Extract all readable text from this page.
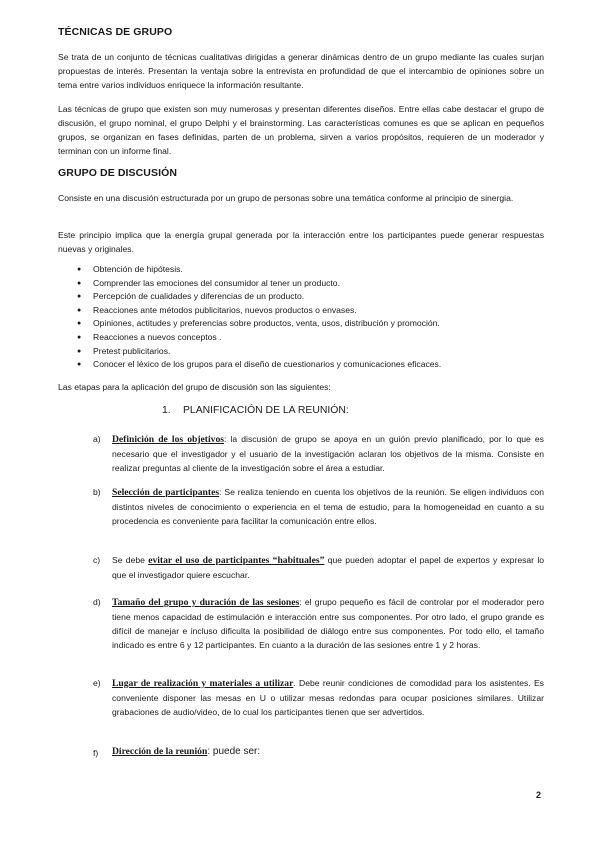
TÉCNICAS DE GRUPO
Se trata de un conjunto de técnicas cualitativas dirigidas a generar dinámicas dentro de un grupo mediante las cuales surjan propuestas de interés. Presentan la ventaja sobre la entrevista en profundidad de que el intercambio de opiniones sobre un tema entre varios individuos enriquece la información resultante.
Las técnicas de grupo que existen son muy numerosas y presentan diferentes diseños. Entre ellas cabe destacar el grupo de discusión, el grupo nominal, el grupo Delphi y el brainstorming. Las características comunes es que se aplican en pequeños grupos, se organizan en fases definidas, parten de un problema, sirven a varios propósitos, requieren de un moderador y terminan con un informe final.
GRUPO DE DISCUSIÓN
Consiste en una discusión estructurada por un grupo de personas sobre una temática conforme al principio de sinergia.
Este principio implica que la energía grupal generada por la interacción entre los participantes puede generar respuestas nuevas y originales.
● Obtención de hipótesis.
● Comprender las emociones del consumidor al tener un producto.
● Percepción de cualidades y diferencias de un producto.
● Reacciones ante métodos publicitarios, nuevos productos o envases.
● Opiniones, actitudes y preferencias sobre productos, venta, usos, distribución y promoción.
● Reacciones a nuevos conceptos .
● Pretest publicitarios.
● Conocer el léxico de los grupos para el diseño de cuestionarios y comunicaciones eficaces.
Las etapas para la aplicación del grupo de discusión son las siguientes:
1. PLANIFICACIÓN DE LA REUNIÓN:
a) Definición de los objetivos: la discusión de grupo se apoya en un guión previo planificado, por lo que es necesario que el investigador y el usuario de la investigación aclaran los objetivos de la misma. Consiste en realizar preguntas al cliente de la investigación sobre el área a estudiar.
b) Selección de participantes: Se realiza teniendo en cuenta los objetivos de la reunión. Se eligen individuos con distintos niveles de conocimiento o experiencia en el tema de estudio, para la homogeneidad en cuanto a su procedencia es conveniente para facilitar la comunicación entre ellos.
c) Se debe evitar el uso de participantes “habituales” que pueden adoptar el papel de expertos y expresar lo que el investigador quiere escuchar.
d) Tamaño del grupo y duración de las sesiones: el grupo pequeño es fácil de controlar por el moderador pero tiene menos capacidad de estimulación e interacción entre sus componentes. Por otro lado, el grupo grande es difícil de manejar e incluso dificulta la posibilidad de diálogo entre sus componentes. Por todo ello, el tamaño indicado es entre 6 y 12 participantes. En cuanto a la duración de las sesiones entre 1 y 2 horas.
e) Lugar de realización y materiales a utilizar. Debe reunir condiciones de comodidad para los asistentes. Es conveniente disponer las mesas en U o utilizar mesas redondas para ocupar posiciones similares. Utilizar grabaciones de audio/video, de lo cual los participantes tienen que ser advertidos.
f) Dirección de la reunión: puede ser:
2
